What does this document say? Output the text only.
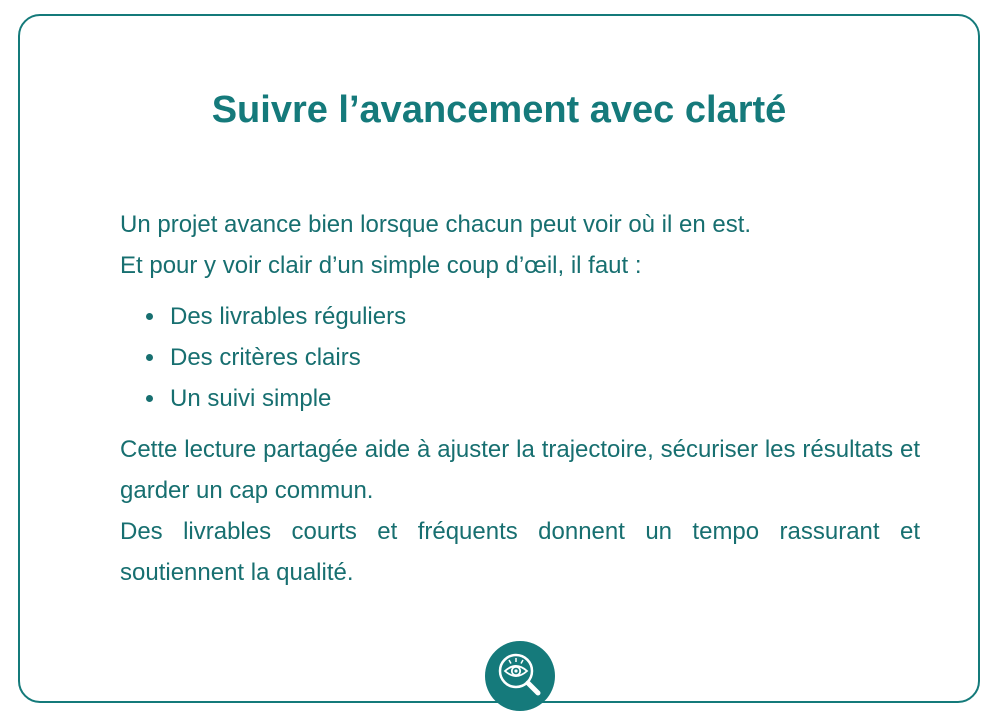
Suivre l’avancement avec clarté

Un projet avance bien lorsque chacun peut voir où il en est.

Et pour y voir clair d’un simple coup d’œil, il faut :

Des livrables réguliers
Des critères clairs
Un suivi simple

Cette lecture partagée aide à ajuster la trajectoire, sécuriser les résultats et garder un cap commun.

Des livrables courts et fréquents donnent un tempo rassurant et soutiennent la qualité.
